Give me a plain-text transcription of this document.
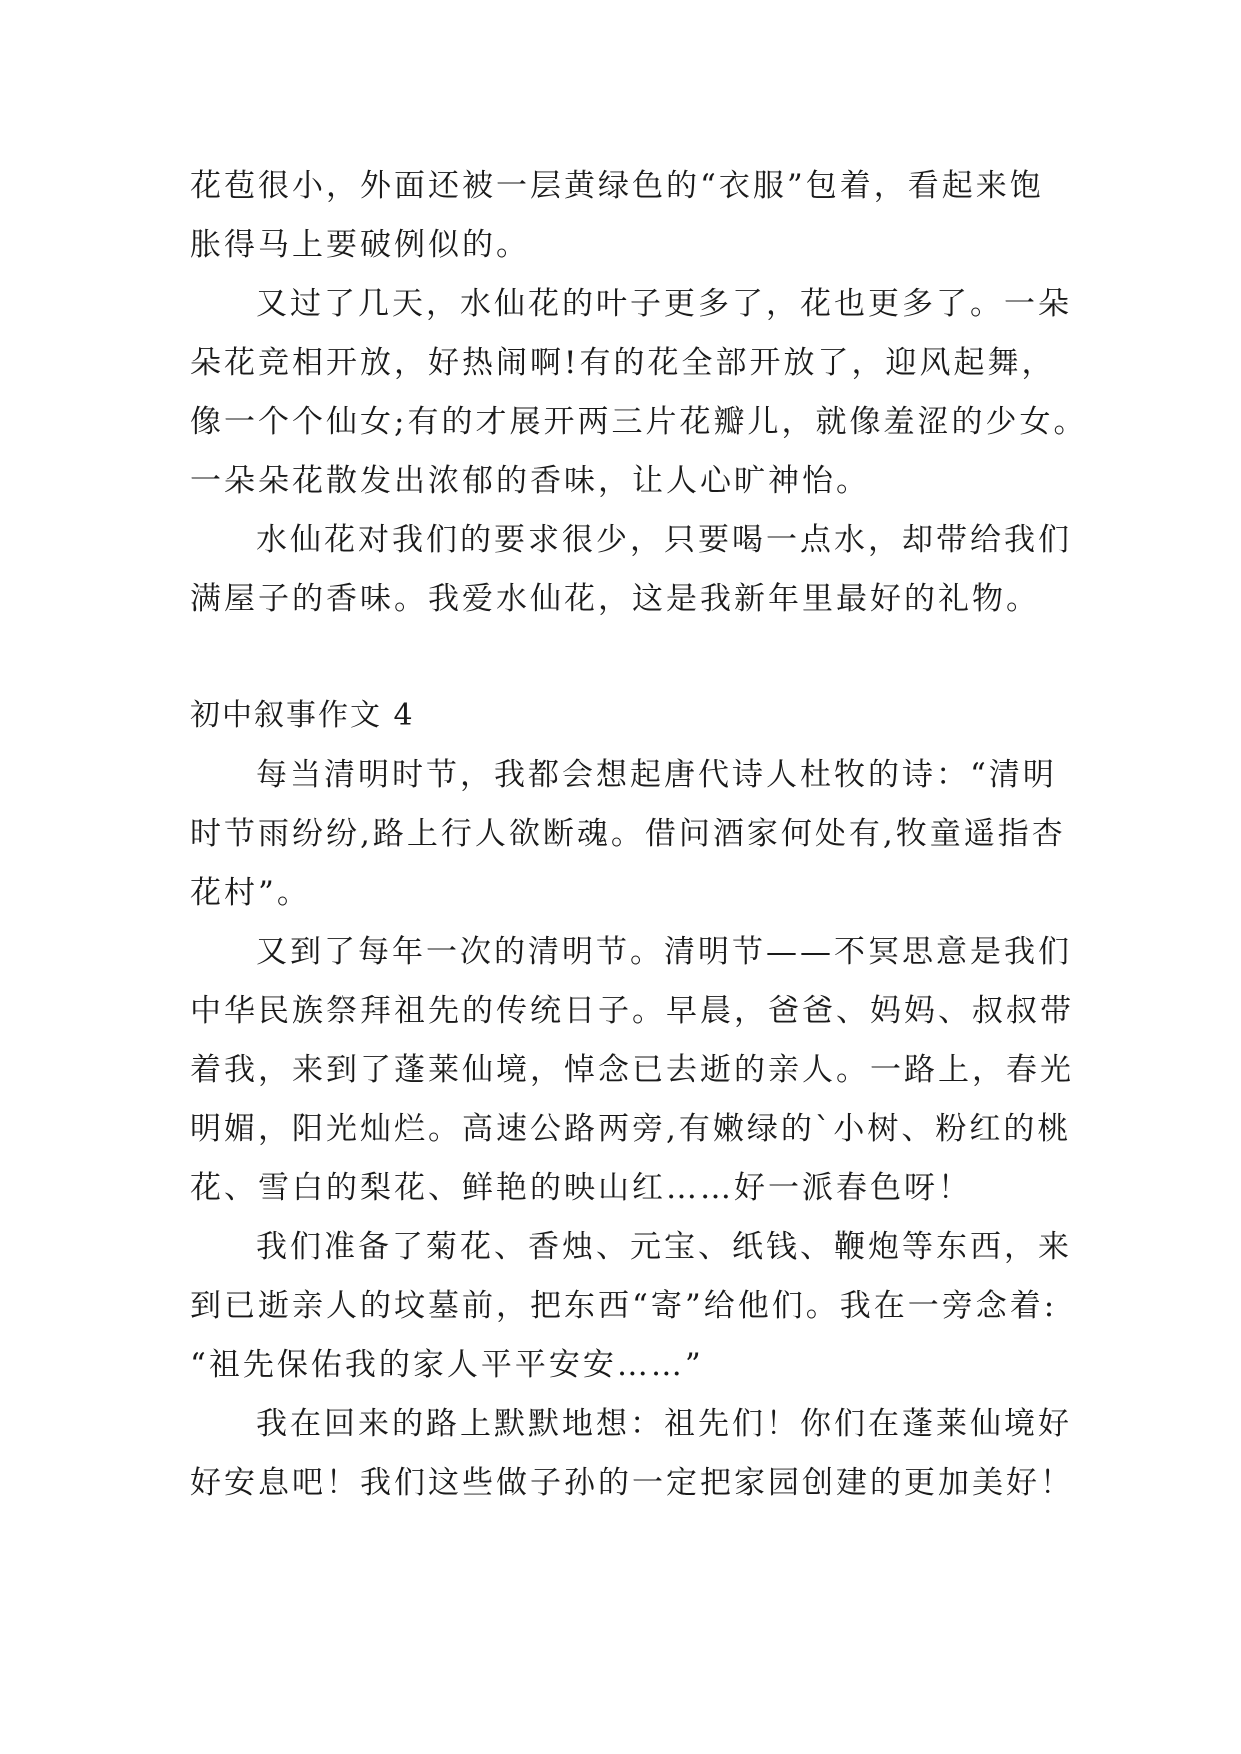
花苞很小，外面还被一层黄绿色的“衣服”包着，看起来饱
胀得马上要破例似的。
又过了几天，水仙花的叶子更多了，花也更多了。一朵
朵花竞相开放，好热闹啊!有的花全部开放了，迎风起舞，
像一个个仙女;有的才展开两三片花瓣儿，就像羞涩的少女。
一朵朵花散发出浓郁的香味，让人心旷神怡。
水仙花对我们的要求很少，只要喝一点水，却带给我们
满屋子的香味。我爱水仙花，这是我新年里最好的礼物。
初中叙事作文 4
每当清明时节，我都会想起唐代诗人杜牧的诗：“清明
时节雨纷纷,路上行人欲断魂。借问酒家何处有,牧童遥指杏
花村”。
又到了每年一次的清明节。清明节——不冥思意是我们
中华民族祭拜祖先的传统日子。早晨，爸爸、妈妈、叔叔带
着我，来到了蓬莱仙境，悼念已去逝的亲人。一路上，春光
明媚，阳光灿烂。高速公路两旁,有嫩绿的`小树、粉红的桃
花、雪白的梨花、鲜艳的映山红……好一派春色呀！
我们准备了菊花、香烛、元宝、纸钱、鞭炮等东西，来
到已逝亲人的坟墓前，把东西“寄”给他们。我在一旁念着:
“祖先保佑我的家人平平安安……”
我在回来的路上默默地想：祖先们！你们在蓬莱仙境好
好安息吧！我们这些做子孙的一定把家园创建的更加美好！
